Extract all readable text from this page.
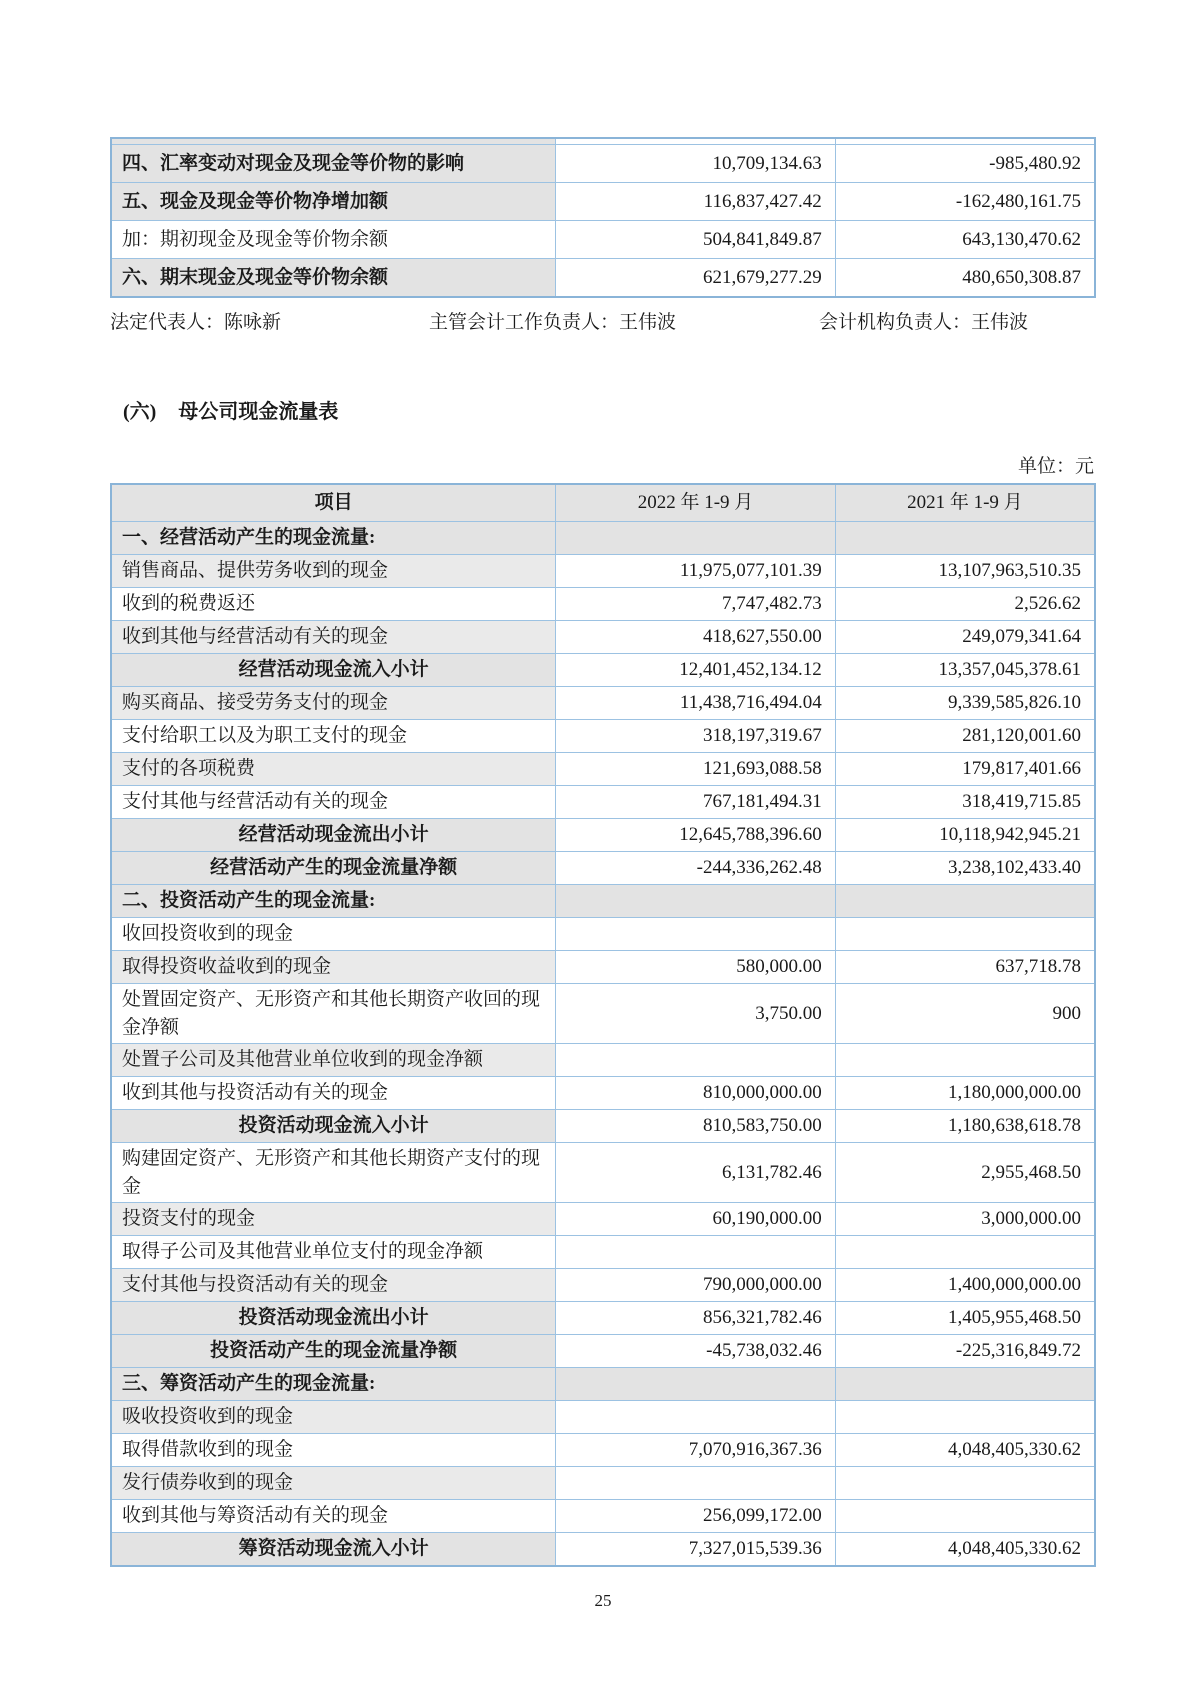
四、汇率变动对现金及现金等价物的影响	10,709,134.63	-985,480.92
五、现金及现金等价物净增加额	116,837,427.42	-162,480,161.75
加：期初现金及现金等价物余额	504,841,849.87	643,130,470.62
六、期末现金及现金等价物余额	621,679,277.29	480,650,308.87
法定代表人：陈咏新	主管会计工作负责人：王伟波	会计机构负责人：王伟波
(六) 母公司现金流量表
单位：元
项目	2022 年 1-9 月	2021 年 1-9 月
一、经营活动产生的现金流量:		
销售商品、提供劳务收到的现金	11,975,077,101.39	13,107,963,510.35
收到的税费返还	7,747,482.73	2,526.62
收到其他与经营活动有关的现金	418,627,550.00	249,079,341.64
经营活动现金流入小计	12,401,452,134.12	13,357,045,378.61
购买商品、接受劳务支付的现金	11,438,716,494.04	9,339,585,826.10
支付给职工以及为职工支付的现金	318,197,319.67	281,120,001.60
支付的各项税费	121,693,088.58	179,817,401.66
支付其他与经营活动有关的现金	767,181,494.31	318,419,715.85
经营活动现金流出小计	12,645,788,396.60	10,118,942,945.21
经营活动产生的现金流量净额	-244,336,262.48	3,238,102,433.40
二、投资活动产生的现金流量:		
收回投资收到的现金		
取得投资收益收到的现金	580,000.00	637,718.78
处置固定资产、无形资产和其他长期资产收回的现金净额	3,750.00	900
处置子公司及其他营业单位收到的现金净额		
收到其他与投资活动有关的现金	810,000,000.00	1,180,000,000.00
投资活动现金流入小计	810,583,750.00	1,180,638,618.78
购建固定资产、无形资产和其他长期资产支付的现金	6,131,782.46	2,955,468.50
投资支付的现金	60,190,000.00	3,000,000.00
取得子公司及其他营业单位支付的现金净额		
支付其他与投资活动有关的现金	790,000,000.00	1,400,000,000.00
投资活动现金流出小计	856,321,782.46	1,405,955,468.50
投资活动产生的现金流量净额	-45,738,032.46	-225,316,849.72
三、筹资活动产生的现金流量:		
吸收投资收到的现金		
取得借款收到的现金	7,070,916,367.36	4,048,405,330.62
发行债券收到的现金		
收到其他与筹资活动有关的现金	256,099,172.00	
筹资活动现金流入小计	7,327,015,539.36	4,048,405,330.62
25
